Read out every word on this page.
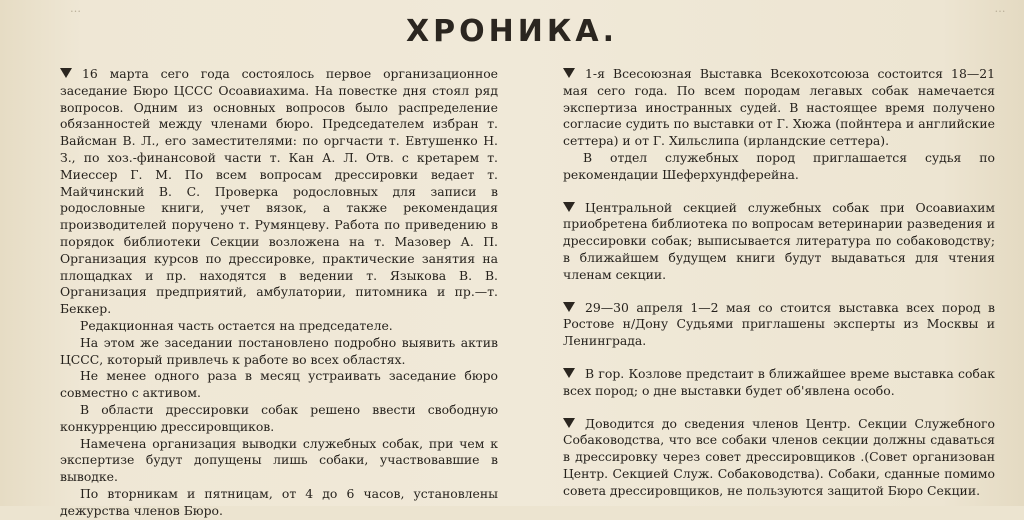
…	…
ХРОНИКА.

16 марта сего года состоялось первое организационное заседание Бюро ЦССС Осоавиахима. На повестке дня стоял ряд вопросов. Одним из основных вопросов было распределение обязанностей между членами бюро. Председателем избран т. Вайсман В. Л., его заместителями: по оргчасти т. Евтушенко Н. З., по хоз.-финансовой части т. Кан А. Л. Отв. с кретарем т. Миессер Г. М. По всем вопросам дрессировки ведает т. Майчинский В. С. Проверка родословных для записи в родословные книги, учет вязок, а также рекомендация производителей поручено т. Румянцеву. Работа по приведению в порядок библиотеки Секции возложена на т. Мазовер А. П. Организация курсов по дрессировке, практические занятия на площадках и пр. находятся в ведении т. Языкова В. В. Организация предприятий, амбулатории, питомника и пр.—т. Беккер.

Редакционная часть остается на председателе.

На этом же заседании постановлено подробно выявить актив ЦССС, который привлечь к работе во всех областях.

Не менее одного раза в месяц устраивать заседание бюро совместно с активом.

В области дрессировки собак решено ввести свободную конкурренцию дрессировщиков.

Намечена организация выводки служебных собак, при чем к экспертизе будут допущены лишь собаки, участвовавшие в выводке.

По вторникам и пятницам, от 4 до 6 часов, установлены дежурства членов Бюро.

1-я Всесоюзная Выставка Всекохотсоюза состоится 18—21 мая сего года. По всем породам легавых собак намечается экспертиза иностранных судей. В настоящее время получено согласие судить по выставки от Г. Хюжа (пойнтера и английские сеттера) и от Г. Хильслипа (ирландские сеттера).

В отдел служебных пород приглашается судья по рекомендации Шеферхундферейна.

Центральной секцией служебных собак при Осоавиахим приобретена библиотека по вопросам ветеринарии разведения и дрессировки собак; выписывается литература по собаководству; в ближайшем будущем книги будут выдаваться для чтения членам секции.

29—30 апреля 1—2 мая со стоится выставка всех пород в Ростове н/Дону Судьями приглашены эксперты из Москвы и Ленинграда.

В гор. Козлове предстаит в ближайшее време выставка собак всех пород; о дне выставки будет об'явлена особо.

Доводится до сведения членов Центр. Секции Служебного Собаководства, что все собаки членов секции должны сдаваться в дрессировку через совет дрессировщиков .(Совет организован Центр. Секцией Служ. Собаководства). Собаки, сданные помимо совета дрессировщиков, не пользуются защитой Бюро Секции.
